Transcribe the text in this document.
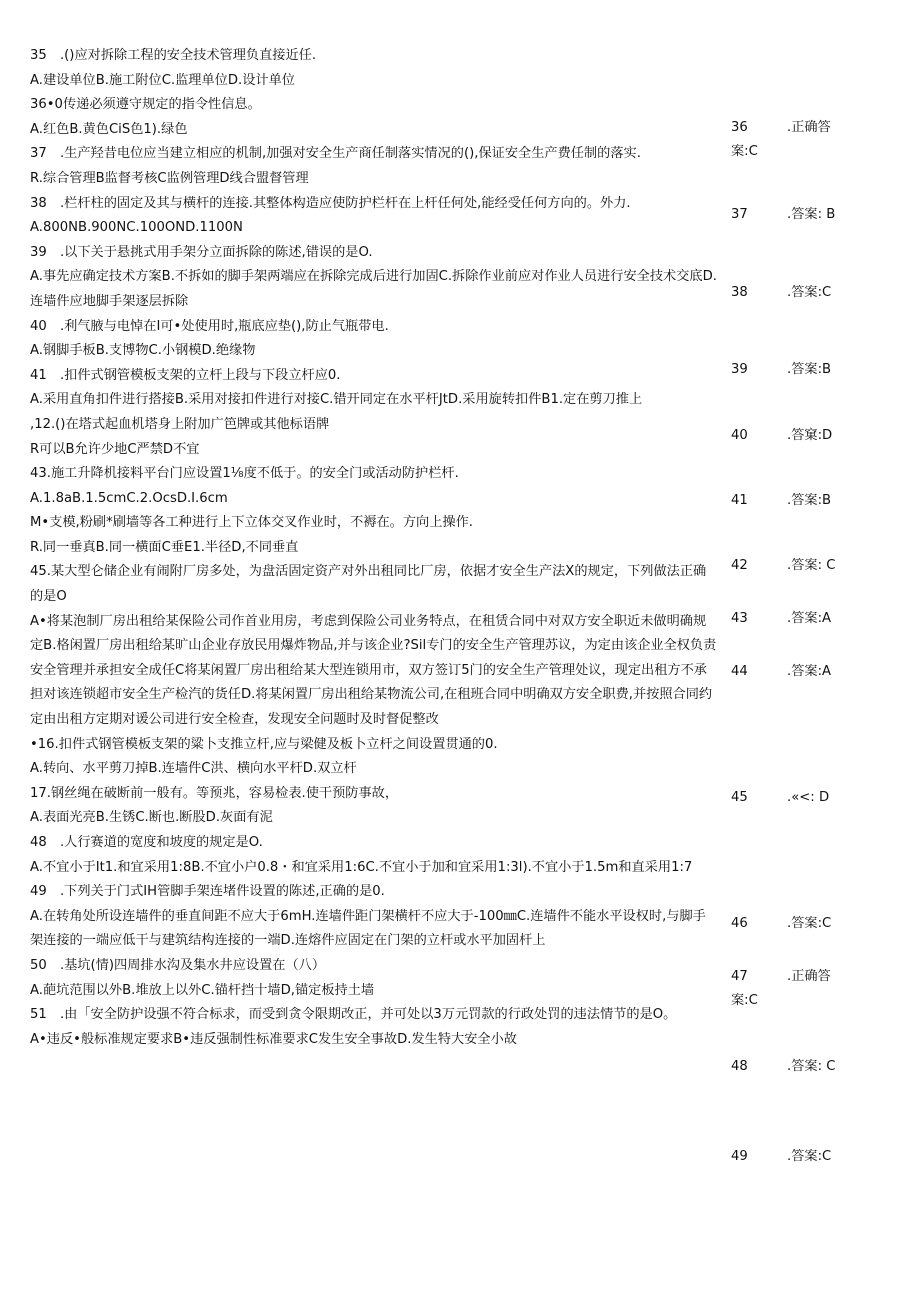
35　.()应对拆除工程的安全技术管理负直接近任.
A.建设单位B.施工附位C.监理单位D.设计单位
36•0传递必须遵守规定的指令性信息。
A.红色B.黄色CiS色1).绿色
37　.生产羟昔电位应当建立相应的机制,加强对安全生产商任制落实情况的(),保证安全生产费任制的落实.
R.综合管理B监督考核C监例管理D线合盟督管理
38　.栏杆柱的固定及其与横杆的连接.其整体构造应使防护栏杆在上杆任何处,能经受任何方向的。外力.
A.800NB.900NC.100OND.1100N
39　.以下关于悬挑式用手架分立面拆除的陈述,错误的是O.
A.事先应确定技术方案B.不拆如的脚手架两端应在拆除完成后进行加固C.拆除作业前应对作业人员进行安全技术交底D.连墙件应地脚手架逐层拆除
40　.利气腋与电悼在I可•处使用时,瓶底应垫(),防止气瓶带电.
A.钢脚手板B.支博物C.小钢模D.绝缘物
41　.扣件式钢管模板支架的立杆上段与下段立杆应0.
A.采用直角扣件进行搭接B.采用对接扣件进行对接C.错开同定在水平杆JtD.采用旋转扣件B1.定在剪刀推上
,12.()在塔式起血机塔身上附加广笆牌或其他标语牌
R可以B允许少地C严禁D不宜
43.施工升降机接料平台门应设置1⅛度不低于。的安全门或活动防护栏杆.
A.1.8aB.1.5cmC.2.OcsD.I.6cm
M•支模,粉刷*刷墙等各工种进行上下立体交叉作业时，不褥在。方向上操作.
R.同一垂真B.同一横面C垂E1.半径D,不同垂直
45.某大型仑储企业有闹附厂房多处，为盘活固定资产对外出租同比厂房，依据才安全生产法X的规定，下列做法正确的是O
A•将某泡制厂房出租给某保险公司作首业用房，考虑到保险公司业务特点，在租赁合同中对双方安全职近未做明确规定B.格闲置厂房出租给某旷山企业存放民用爆炸物品,并与该企业?Sil专门的安全生产管理苏议，为定由该企业全权负责安全管理并承担安全成任C将某闲置厂房出租给某大型连锁用市，双方签订5门的安全生产管理处议，现定出租方不承担对该连锁超市安全生产检汽的货任D.将某闲置厂房出租给某物流公司,在租班合同中明确双方安全职费,并按照合同约定由出租方定期对谖公司进行安全检查，发现安全问题时及时督促整改
•16.扣件式钢管模板支架的粱卜支推立杆,应与梁健及板卜立杆之间设置贯通的0.
A.转向、水平剪刀掉B.连墙件C洪、横向水平杆D.双立杆
17.钢丝绳在破断前一般有。等预兆，容易检表.使干预防事故，
A.表面光亮B.生锈C.断也.断股D.灰面有泥
48　.人行赛道的宽度和坡度的规定是O.
A.不宜小于It1.和宜采用1:8B.不宜小户0.8・和宜采用1:6C.不宜小于加和宜采用1:3l).不宜小于1.5m和直采用1:7
49　.下列关于门式IH管脚手架连堵件设置的陈述,正确的是0.
A.在转角处所设连墙件的垂直间距不应大于6mH.连墙件距门架横杆不应大于-100㎜C.连墙件不能水平设权时,与脚手架连接的一端应低干与建筑结构连接的一端D.连熔件应固定在门架的立杆或水平加固杆上
50　.基坑(情)四周排水沟及集水井应设置在（八）
A.葩坑范围以外B.堆放上以外C.锚杆挡十墙D,锚定板持土墙
51　.由「安全防护设强不符合标求，而受到贪令限期改正，并可处以3万元罚款的行政处罚的违法情节的是O。
A•违反•般标准规定要求B•违反强制性标准要求C发生安全事故D.发生特大安全小故
36	.正确答
案:C
37	.答案: B
38	.答案:C
39	.答案:B
40	.答窠:D
41	.答案:B
42	.答案: C
43	.答案:A
44	.答案:A
45	.«<: D
46	.答案:C
47	.正确答
案:C
48	.答案: C
49	.答案:C
